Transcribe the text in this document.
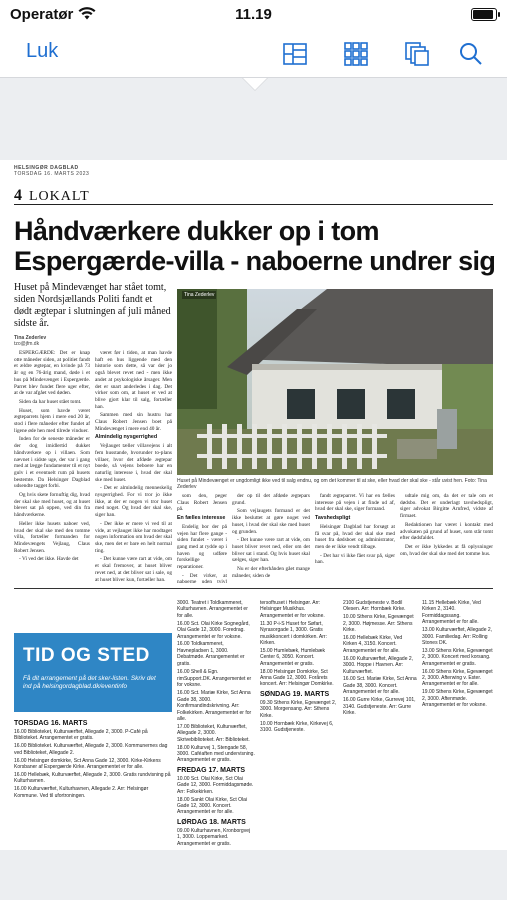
Operatør	11.19
Luk
HELSINGØR DAGBLAD
TORSDAG 16. MARTS 2023
4 LOKALT
Håndværkere dukker op i tom
Espergærde-villa - naboerne undrer sig
Huset på Mindevænget har stået tomt, siden Nordsjællands Politi fandt et dødt ægtepar i slutningen af juli måned sidste år.
Tina Zederlev
tzo@jfm.dk

ESPERGÆRDE: Det er knap otte måneder siden, at politiet fandt et ældre ægtepar, en kvinde på 73 år og en 76-årig mand, døde i et hus på Mindevænget i Espergærde. Parret blev fundet flere uger efter, at de var afgået ved døden.

Siden da har huset stået tomt.

Huset, som havde været ægteparrets hjem i mere end 20 år, stod i flere måneder efter fundet af ligene øde hen med tilrede vinduer.

Inden for de seneste måneder er der dog imidlertid dukket håndværkere op i villaen. Som nævnet i sidste uge, der var i gang med at lægge fundamenter til et nyt gulv i et eventuelt rum på husets bestemte. Da Helsingør Dagblad udsendte tagget forbi.

Og hvis skete fornuftig dig, hvad der skal ske med huset, og at huset blevet sat på oppen, ved din fra håndværkerne.

Heller ikke husets naboer ved, hvad der skal ske med den tomme villa, fortæller formanden for Mindevængets Vejlaug, Claus Robert Jensen.

- Vi ved det ikke. Havde det

været før i tiden, at man havde haft en hus liggende med den historie som dette, så var der jo også blevet revet ned - men ikke andet at psykologiske årsager. Men det er snart anderledes i dag. Det virker som om, at huset er ved at blive gjort klar til salg, fortæller han.

Sammen med sin hustru har Claus Robert Jensen boet på Mindevænget i mere end 40 år.

Almindelig nysgerrighed

Vejlauget tæller villavejens i alt fem husstande, hvorunder to-plans villaer, hvor det afdøde ægtepar boede, så vejens beboere har en naturlig interesse i, hvad der skal ske med huset.

- Det er almindelig menneskelig nysgerrighed. For vi tror jo ikke ikke, at der er nogen vi tror huset med noget. Og hvad der skal ske, siger han.

- Der ikke er mere vi ved til at vide, at vejlauget ikke har modtaget nogen information om hvad der skal ske, men det er bare en helt normal ting.

- Det kunne være rart at vide, om et skal fremover, at huset bliver revet ned, at det bliver sat i sale, og at huset bliver kun, fortæller han.

Tina Zederlev
Huset på Mindevænget er ungdomligt ikke ved til salg endnu, og om det kommer til at ske, eller hvad der skal ske - står uvist hen. Foto: Tina Zederlev

som den, peger Claus Robert Jensen på.

En fælles interesse

Endelig bor der på vejen har flere gange - siden fundet - været i gang med at rydde op i haven og udføre forskellige reparationer.

- Det virker, at naboerne uden tvivl

der op til det afdøde ægtepars grund.

Som vejlaugets formand er det ikke besluttet at gøre noget ved huset, i hvad der skal ske med huset og grunden.

- Det kunne være rart at vide, om huset bliver revet ned, eller om det bliver sat i stand. Og hvis huset skal sælges, siger han.

Nu er der efterhånden gået mange måneder, siden de

fandt ægteparret. Vi har en fælles interesse på vejen i at finde ud af, hvad der skal ske, siger formand.

Tavshedspligt

Helsingør Dagblad har forsøgt at få svar på, hvad der skal ske med huset fra dødsboet og administrator, men de er ikke vendt tilbage.

- Det har vi ikke fået svar på, siger han.

udtale mig om, da det er tale om et dødsbo. Det er underlagt tavshedspligt, siger advokat Birgitte Arnfred, vidste af firmaet.

Redaktionen har været i kontakt med advokaten på grund af huset, som står tomt efter dødsfaldet.

Det er ikke lykkedes at få oplysninger om, hvad der skal ske med det tomme hus.

TID OG STED
Få dit arrangement på det sker-listen. Skriv det ind på helsingordagblad.dk/eventinfo
TORSDAG 16. MARTS

16.00 Biblioteket, Kulturværftet, Allegade 2, 3000. P-Café på Biblioteket. Arrangementet er gratis.

16.00 Biblioteket. Kulturværftet, Allegade 2, 3000. Kommunernes dag ved Biblioteket, Allegade 2.

16.00 Helsingør domkirke, Sct Anna Gade 12, 3000. Kirke-Kirkens Korsbaner af Espergærde Kirke. Arrangementet er for alle.

16.00 Hellebæk, Kulturværftet, Allegade 2, 3000. Gratis rundvisning på Kulturhavnen.

16.00 Kulturværftet, Kulturhavnen, Allegade 2. Arr: Helsingør Kommune. Ved til ufortroningen.

rimSupport.DK. Arrangementet er for voksne.

16.00 Sct. Mariæ Kirke, Sct Anna Gade 38, 3000. Konfirmandindskrivning. Arr: Folkekirken. Arrangementet er for alle.

17.00 Biblioteket, Kulturværftet, Allegade 2, 3000. Skrivebiblioteket. Arr: Biblioteket.

18.00 Kulturvej 1, Stengade 58, 3000. Caféaften med undervisning. Arrangementet er gratis.

FREDAG 17. MARTS

10.00 Sct. Olai Kirke, Sct Olai Gade 12, 3000. Formiddagsmøde. Arr: Folkekirken.

18.00 Sankt Olai Kirke, Sct Olai Gade 12, 3000. Koncert. Arrangementet er for alle.

LØRDAG 18. MARTS

09.00 Kulturhavnen, Kronborgvej 1, 3000. Loppemarked. Arrangementet er gratis.

3000. Teatret i Toldkammeret, Kulturhavnen. Arrangementet er for alle.

16.00 Sct. Olai Kirke Sognegård, Olai Gade 12, 3000. Foredrag. Arrangementet er for voksne.

16.00 Toldkammeret, Havnepladsen 1, 3000. Debatmøde. Arrangementet er gratis.

16.00 Shell & Egn.

tersofhuset i Helsingør. Arr: Helsingør Musikhus. Arrangementet er for voksne.

11.30 P-i-S Huset for Søfart, Nyrasorgade 1, 3000. Gratis musikkoncert i domkirken. Arr: Kirken.

15.00 Humlebæk, Humlebæk Center 6, 3050. Koncert. Arrangementet er gratis.

18.00 Helsingør Domkirke, Sct Anna Gade 12, 3000. Forårets koncert. Arr: Helsingør Domkirke.

SØNDAG 19. MARTS

09.30 Sthens Kirke, Egevænget 2, 3000. Morgensang. Arr: Sthens Kirke.

10.00 Hornbæk Kirke, Kirkevej 6, 3100. Gudstjeneste.

2100 Gudstjeneste v. Bodil Olesen. Arr: Hornbæk Kirke.

10.00 Sthens Kirke, Egevænget 2, 3000. Højmesse. Arr: Sthens Kirke.

16.00 Hellebæk Kirke, Ved Kirken 4, 3150. Koncert. Arrangementet er for alle.

16.00 Kulturværftet, Allegade 2, 3000. Hoppe i Havnen. Arr: Kulturværftet.

16.00 Sct. Mariæ Kirke, Sct Anna Gade 38, 3000. Koncert. Arrangementet er for alle.

16.00 Gurre Kirke, Gurrevej 101, 3140. Gudstjeneste. Arr: Gurre Kirke.

11.15 Hellebæk Kirke, Ved Kirken 2, 3140. Formiddagssang. Arrangementet er for alle.

13.00 Kulturværftet, Allegade 2, 3000. Familiedag. Arr: Rolling Stones DK.

13.00 Sthens Kirke, Egevænget 2, 3000. Koncert med korsang. Arrangementet er gratis.

16.00 Sthens Kirke, Egevænget 2, 3000. Afterwing v. Ester. Arrangementet er for alle.

19.00 Sthens Kirke, Egevænget 2, 3000. Aftenmøde. Arrangementet er for voksne.
